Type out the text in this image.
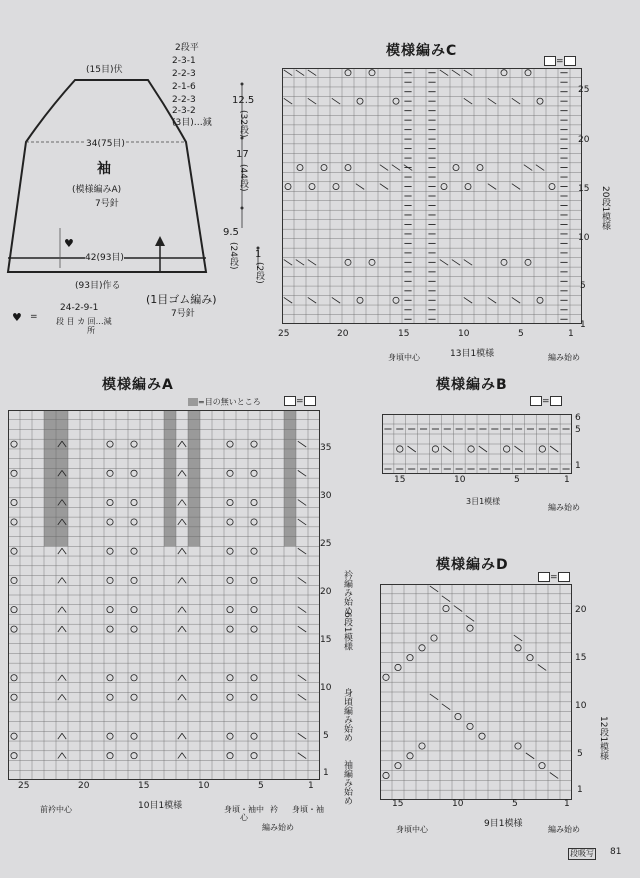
(15目)伏
2段平
2-3-1
2-2-3
2-1-6
2-2-3
2-3-2
(3目)…減
34(75目)
袖
(模様編みA)
7号針
♥
42(93目)
(93目)作る
♥ =
24-2-9-1
段 目 カ 回…減
所
(1目ゴム編み)
7号針
12.5
(32段)
17
(44段)
9.5
(24段) 1
(2段)
模様編みC
=
25
20
15
10
5
1
20段1模様
25	20	15	10	5	1
身頃中心	13目1模様	編み始め
模様編みA
=目の無いところ	=
35
30
25
20
15
10
5
1
衿編み始め
6段1模様
身頃編み始め
袖編み始め
25	20	15	10	5	1
前衿中心	10目1模様	身頃・袖中心
衿 身頃・袖
編み始め
模様編みB
=
6
5
1
15	10	5	1
3目1模様
編み始め
模様編みD
=
20
15
10
5
1
12段1模様
15	10	5	1
身頃中心
9目1模様
編み始め
段吸写 81
